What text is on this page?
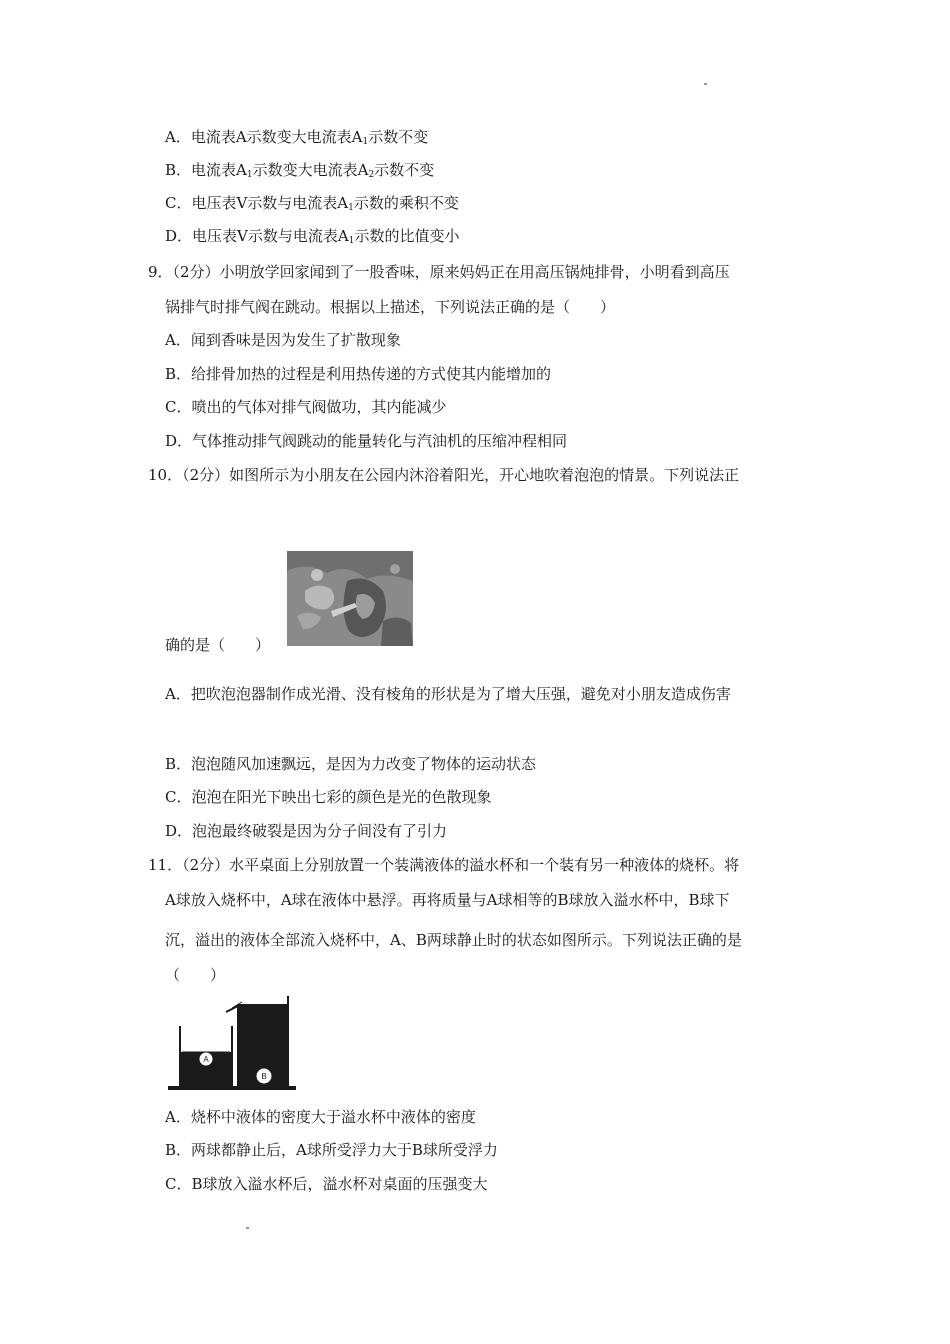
A．电流表A示数变大电流表$A_1$示数不变
B．电流表$A_1$示数变大电流表$A_2$示数不变
C．电压表V示数与电流表$A_1$示数的乘积不变
D．电压表V示数与电流表$A_1$示数的比值变小
9．（2分）小明放学回家闻到了一股香味，原来妈妈正在用高压锅炖排骨，小明看到高压
锅排气时排气阀在跳动。根据以上描述，下列说法正确的是（　　）
A．闻到香味是因为发生了扩散现象
B．给排骨加热的过程是利用热传递的方式使其内能增加的
C．喷出的气体对排气阀做功，其内能减少
D．气体推动排气阀跳动的能量转化与汽油机的压缩冲程相同
10．（2分）如图所示为小朋友在公园内沐浴着阳光，开心地吹着泡泡的情景。下列说法正
确的是（　　）
A．把吹泡泡器制作成光滑、没有棱角的形状是为了增大压强，避免对小朋友造成伤害
B．泡泡随风加速飘远，是因为力改变了物体的运动状态
C．泡泡在阳光下映出七彩的颜色是光的色散现象
D．泡泡最终破裂是因为分子间没有了引力
11．（2分）水平桌面上分别放置一个装满液体的溢水杯和一个装有另一种液体的烧杯。将
A球放入烧杯中，A球在液体中悬浮。再将质量与A球相等的B球放入溢水杯中，B球下
沉，溢出的液体全部流入烧杯中，A、B两球静止时的状态如图所示。下列说法正确的是
（　　）
A
B
A．烧杯中液体的密度大于溢水杯中液体的密度
B．两球都静止后，A球所受浮力大于B球所受浮力
C．B球放入溢水杯后，溢水杯对桌面的压强变大
